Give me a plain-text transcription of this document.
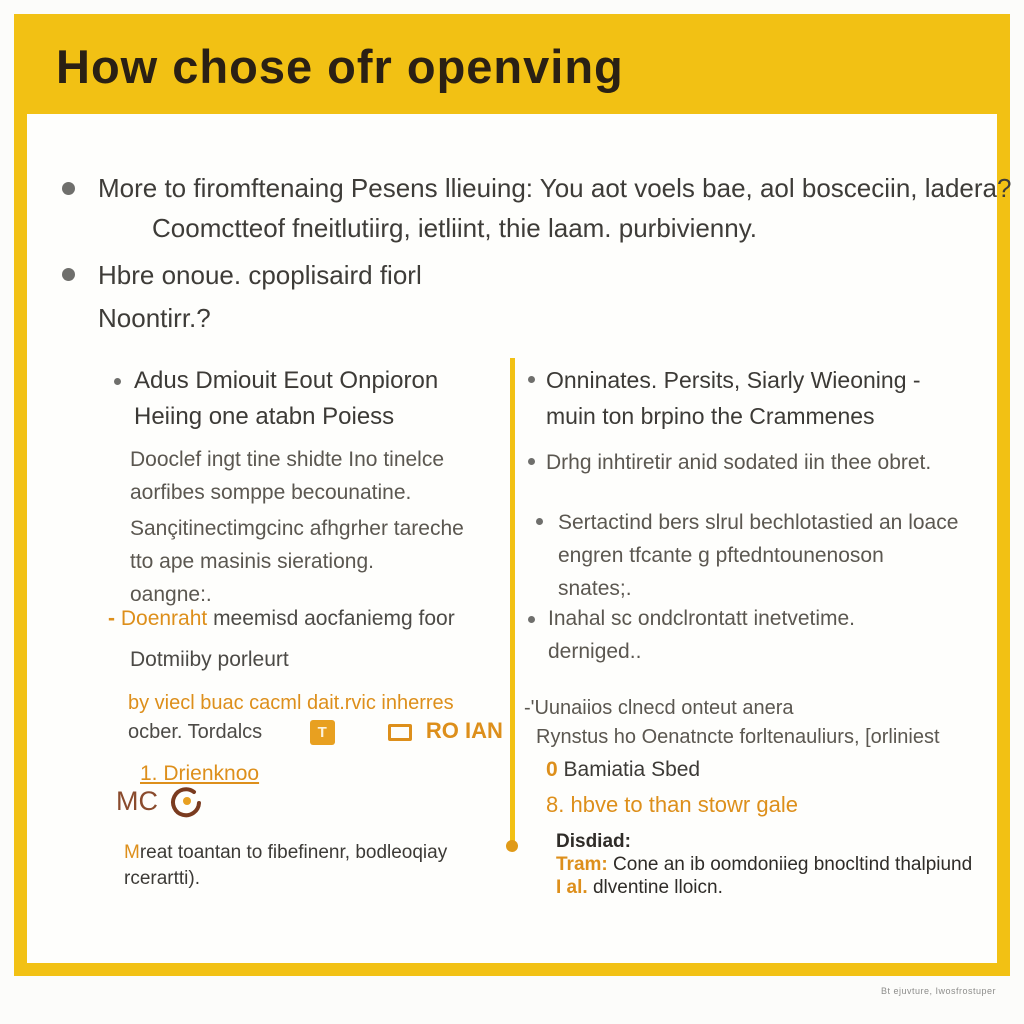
How chose ofr openving
More to firomftenaing Pesens llieuing: You aot voels bae, aol bosceciin, ladera?
Coomctteof fneitlutiirg, ietliint, thie laam. purbivienny.
Hbre onoue. cpoplisaird fiorl
Noontirr.?
Adus Dmiouit Eout Onpioron
Heiing one atabn Poiess
Dooclef ingt tine shidte Ino tinelce
aorfibes somppe becounatine.
Sançitinectimgcinc afhgrher tareche
tto ape masinis sierationg.
oangne:.
- Doenraht meemisd aocfaniemg foor
Dotmiiby porleurt
by viecl buac cacml dait.rvic inherres
ocber. Tordalcs	T	RO IAN
1. Drienknoo
MC
Mreat toantan to fibefinenr, bodleoqiay
rcerartti).
Onninates. Persits, Siarly Wieoning -
muin ton brpino the Crammenes
Drhg inhtiretir anid sodated iin thee obret.
Sertactind bers slrul bechlotastied an loace
engren tfcante g pftedntounenoson
snates;.
Inahal sc ondclrontatt inetvetime.
derniged..
-'Uunaiios clnecd onteut anera
Rynstus ho Oenatncte forltenauliurs, [orliniest
0 Bamiatia Sbed
8. hbve to than stowr gale
Disdiad:
Tram: Cone an ib oomdoniieg bnocltind thalpiund
I al. dlventine lloicn.
Bt ejuvture, Iwosfrostuper
